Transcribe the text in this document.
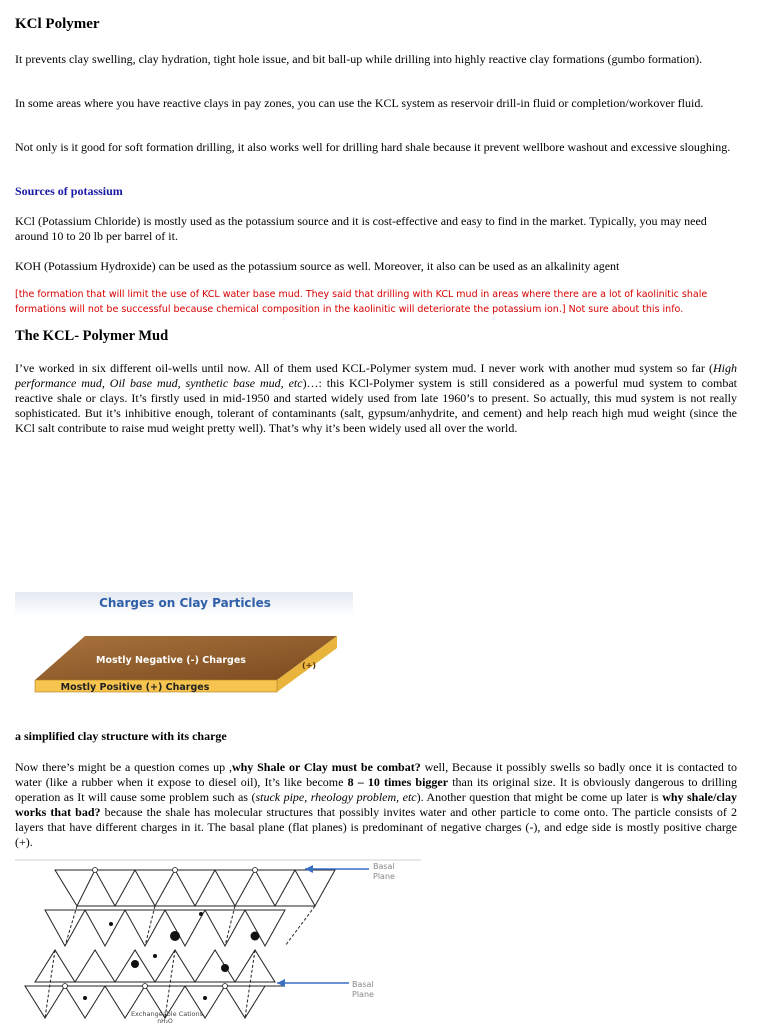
KCl Polymer

It prevents clay swelling, clay hydration, tight hole issue, and bit ball-up while drilling into highly reactive clay formations (gumbo formation).

In some areas where you have reactive clays in pay zones, you can use the KCL system as reservoir drill-in fluid or completion/workover fluid.

Not only is it good for soft formation drilling, it also works well for drilling hard shale because it prevent wellbore washout and excessive sloughing.

Sources of potassium

KCl (Potassium Chloride) is mostly used as the potassium source and it is cost-effective and easy to find in the market. Typically, you may need around 10 to 20 lb per barrel of it.

KOH (Potassium Hydroxide) can be used as the potassium source as well. Moreover, it also can be used as an alkalinity agent

[the formation that will limit the use of KCL water base mud. They said that drilling with KCL mud in areas where there are a lot of kaolinitic shale formations will not be successful because chemical composition in the kaolinitic will deteriorate the potassium ion.] Not sure about this info.

The KCL- Polymer Mud

I’ve worked in six different oil-wells until now. All of them used KCL-Polymer system mud. I never work with another mud system so far (High performance mud, Oil base mud, synthetic base mud, etc)…: this KCl-Polymer system is still considered as a powerful mud system to combat reactive shale or clays. It’s firstly used in mid-1950 and started widely used from late 1960’s to present. So actually, this mud system is not really sophisticated. But it’s inhibitive enough, tolerant of contaminants (salt, gypsum/anhydrite, and cement) and help reach high mud weight (since the KCl salt contribute to raise mud weight pretty well). That’s why it’s been widely used all over the world.

Charges on Clay Particles
Mostly Negative (-) Charges	(+)
Mostly Positive (+) Charges

a simplified clay structure with its charge

Now there’s might be a question comes up ,why Shale or Clay must be combat? well, Because it possibly swells so badly once it is contacted to water (like a rubber when it expose to diesel oil), It’s like become 8 – 10 times bigger than its original size. It is obviously dangerous to drilling operation as It will cause some problem such as (stuck pipe, rheology problem, etc). Another question that might be come up later is why shale/clay works that bad? because the shale has molecular structures that possibly invites water and other particle to come onto. The particle consists of 2 layers that have different charges in it. The basal plane (flat planes) is predominant of negative charges (-), and edge side is mostly positive charge (+).

Basal
Plane
Basal
Plane
Exchangeable Cations
nH₂O
